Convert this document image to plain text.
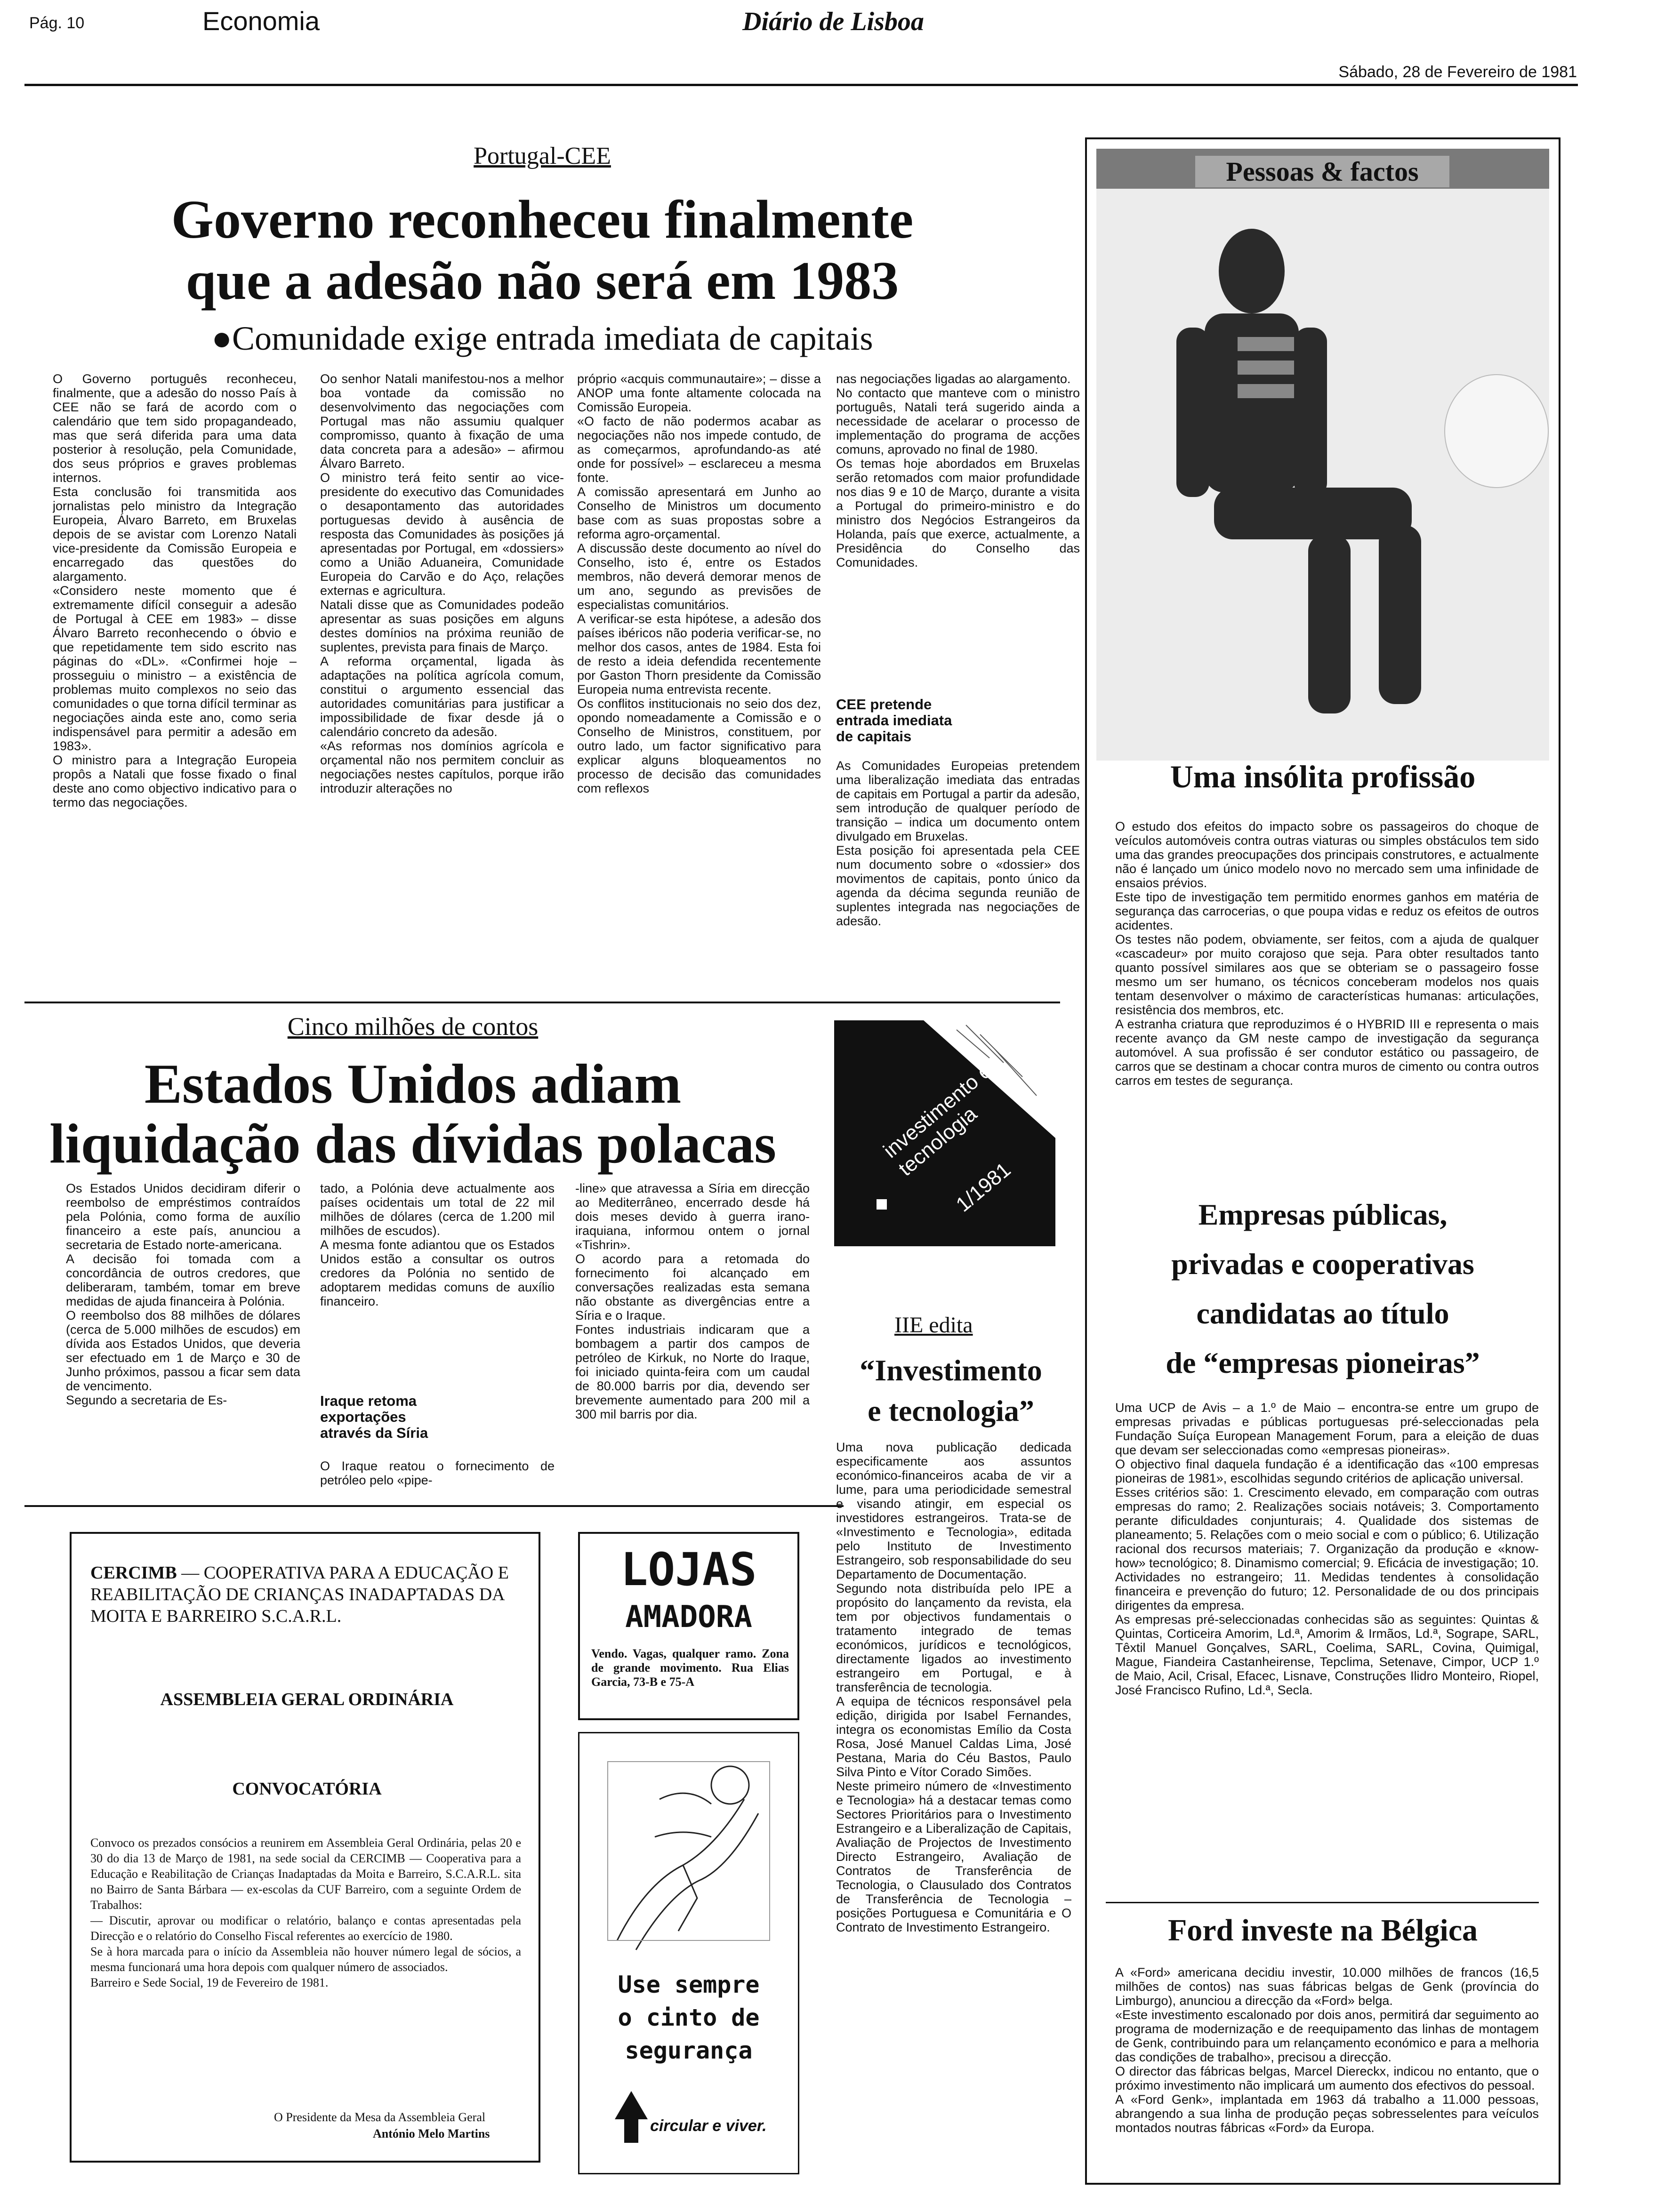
Pág. 10	Economia	Diário de Lisboa
Sábado, 28 de Fevereiro de 1981
Portugal-CEE
Governo reconheceu finalmente
que a adesão não será em 1983
●Comunidade exige entrada imediata de capitais
O Governo português reconheceu, finalmente, que a adesão do nosso País à CEE não se fará de acordo com o calendário que tem sido propagandeado, mas que será diferida para uma data posterior à resolução, pela Comunidade, dos seus próprios e graves problemas internos.
Esta conclusão foi transmitida aos jornalistas pelo ministro da Integração Europeia, Álvaro Barreto, em Bruxelas depois de se avistar com Lorenzo Natali vice-presidente da Comissão Europeia e encarregado das questões do alargamento.
«Considero neste momento que é extremamente difícil conseguir a adesão de Portugal à CEE em 1983» – disse Álvaro Barreto reconhecendo o óbvio e que repetidamente tem sido escrito nas páginas do «DL». «Confirmei hoje – prosseguiu o ministro – a existência de problemas muito complexos no seio das comunidades o que torna difícil terminar as negociações ainda este ano, como seria indispensável para permitir a adesão em 1983».
O ministro para a Integração Europeia propôs a Natali que fosse fixado o final deste ano como objectivo indicativo para o termo das negociações.
Oo senhor Natali manifestou-nos a melhor boa vontade da comissão no desenvolvimento das negociações com Portugal mas não assumiu qualquer compromisso, quanto à fixação de uma data concreta para a adesão» – afirmou Álvaro Barreto.
O ministro terá feito sentir ao vice-presidente do executivo das Comunidades o desapontamento das autoridades portuguesas devido à ausência de resposta das Comunidades às posições já apresentadas por Portugal, em «dossiers» como a União Aduaneira, Comunidade Europeia do Carvão e do Aço, relações externas e agricultura.
Natali disse que as Comunidades podeão apresentar as suas posições em alguns destes domínios na próxima reunião de suplentes, prevista para finais de Março.
A reforma orçamental, ligada às adaptações na política agrícola comum, constitui o argumento essencial das autoridades comunitárias para justificar a impossibilidade de fixar desde já o calendário concreto da adesão.
«As reformas nos domínios agrícola e orçamental não nos permitem concluir as negociações nestes capítulos, porque irão introduzir alterações no
próprio «acquis communautaire»; – disse a ANOP uma fonte altamente colocada na Comissão Europeia.
«O facto de não podermos acabar as negociações não nos impede contudo, de as começarmos, aprofundando-as até onde for possível» – esclareceu a mesma fonte.
A comissão apresentará em Junho ao Conselho de Ministros um documento base com as suas propostas sobre a reforma agro-orçamental.
A discussão deste documento ao nível do Conselho, isto é, entre os Estados membros, não deverá demorar menos de um ano, segundo as previsões de especialistas comunitários.
A verificar-se esta hipótese, a adesão dos países ibéricos não poderia verificar-se, no melhor dos casos, antes de 1984. Esta foi de resto a ideia defendida recentemente por Gaston Thorn presidente da Comissão Europeia numa entrevista recente.
Os conflitos institucionais no seio dos dez, opondo nomeadamente a Comissão e o Conselho de Ministros, constituem, por outro lado, um factor significativo para explicar alguns bloqueamentos no processo de decisão das comunidades com reflexos
nas negociações ligadas ao alargamento.
No contacto que manteve com o ministro português, Natali terá sugerido ainda a necessidade de acelarar o processo de implementação do programa de acções comuns, aprovado no final de 1980.
Os temas hoje abordados em Bruxelas serão retomados com maior profundidade nos dias 9 e 10 de Março, durante a visita a Portugal do primeiro-ministro e do ministro dos Negócios Estrangeiros da Holanda, país que exerce, actualmente, a Presidência do Conselho das Comunidades.
CEE pretende
entrada imediata
de capitais
As Comunidades Europeias pretendem uma liberalização imediata das entradas de capitais em Portugal a partir da adesão, sem introdução de qualquer período de transição – indica um documento ontem divulgado em Bruxelas.
Esta posição foi apresentada pela CEE num documento sobre o «dossier» dos movimentos de capitais, ponto único da agenda da décima segunda reunião de suplentes integrada nas negociações de adesão.
Cinco milhões de contos
Estados Unidos adiam
liquidação das dívidas polacas
Os Estados Unidos decidiram diferir o reembolso de empréstimos contraídos pela Polónia, como forma de auxílio financeiro a este país, anunciou a secretaria de Estado norte-americana.
A decisão foi tomada com a concordância de outros credores, que deliberaram, também, tomar em breve medidas de ajuda financeira à Polónia.
O reembolso dos 88 milhões de dólares (cerca de 5.000 milhões de escudos) em dívida aos Estados Unidos, que deveria ser efectuado em 1 de Março e 30 de Junho próximos, passou a ficar sem data de vencimento.
Segundo a secretaria de Es-
tado, a Polónia deve actualmente aos países ocidentais um total de 22 mil milhões de dólares (cerca de 1.200 mil milhões de escudos).
A mesma fonte adiantou que os Estados Unidos estão a consultar os outros credores da Polónia no sentido de adoptarem medidas comuns de auxílio financeiro.
Iraque retoma
exportações
através da Síria
O Iraque reatou o fornecimento de petróleo pelo «pipe-
-line» que atravessa a Síria em direcção ao Mediterrâneo, encerrado desde há dois meses devido à guerra irano-iraquiana, informou ontem o jornal «Tishrin».
O acordo para a retomada do fornecimento foi alcançado em conversações realizadas esta semana não obstante as divergências entre a Síria e o Iraque.
Fontes industriais indicaram que a bombagem a partir dos campos de petróleo de Kirkuk, no Norte do Iraque, foi iniciado quinta-feira com um caudal de 80.000 barris por dia, devendo ser brevemente aumentado para 200 mil a 300 mil barris por dia.
investimento e tecnologia
1/1981
IIE edita
“Investimento
e tecnologia”
Uma nova publicação dedicada especificamente aos assuntos económico-financeiros acaba de vir a lume, para uma periodicidade semestral e visando atingir, em especial os investidores estrangeiros. Trata-se de «Investimento e Tecnologia», editada pelo Instituto de Investimento Estrangeiro, sob responsabilidade do seu Departamento de Documentação.
Segundo nota distribuída pelo IPE a propósito do lançamento da revista, ela tem por objectivos fundamentais o tratamento integrado de temas económicos, jurídicos e tecnológicos, directamente ligados ao investimento estrangeiro em Portugal, e à transferência de tecnologia.
A equipa de técnicos responsável pela edição, dirigida por Isabel Fernandes, integra os economistas Emílio da Costa Rosa, José Manuel Caldas Lima, José Pestana, Maria do Céu Bastos, Paulo Silva Pinto e Vítor Corado Simões.
Neste primeiro número de «Investimento e Tecnologia» há a destacar temas como Sectores Prioritários para o Investimento Estrangeiro e a Liberalização de Capitais, Avaliação de Projectos de Investimento Directo Estrangeiro, Avaliação de Contratos de Transferência de Tecnologia, o Clausulado dos Contratos de Transferência de Tecnologia – posições Portuguesa e Comunitária e O Contrato de Investimento Estrangeiro.
CERCIMB — COOPERATIVA PARA A EDUCAÇÃO E REABILITAÇÃO DE CRIANÇAS INADAPTADAS DA MOITA E BARREIRO S.C.A.R.L.
ASSEMBLEIA GERAL ORDINÁRIA
CONVOCATÓRIA
Convoco os prezados consócios a reunirem em Assembleia Geral Ordinária, pelas 20 e 30 do dia 13 de Março de 1981, na sede social da CERCIMB — Cooperativa para a Educação e Reabilitação de Crianças Inadaptadas da Moita e Barreiro, S.C.A.R.L. sita no Bairro de Santa Bárbara — ex-escolas da CUF Barreiro, com a seguinte Ordem de Trabalhos:
— Discutir, aprovar ou modificar o relatório, balanço e contas apresentadas pela Direcção e o relatório do Conselho Fiscal referentes ao exercício de 1980.
Se à hora marcada para o início da Assembleia não houver número legal de sócios, a mesma funcionará uma hora depois com qualquer número de associados.
Barreiro e Sede Social, 19 de Fevereiro de 1981.
O Presidente da Mesa da Assembleia Geral
António Melo Martins
LOJAS
AMADORA
Vendo. Vagas, qualquer ramo. Zona de grande movimento. Rua Elias Garcia, 73-B e 75-A
Use sempre
o cinto de
segurança
circular e viver.
Pessoas & factos
Uma insólita profissão
O estudo dos efeitos do impacto sobre os passageiros do choque de veículos automóveis contra outras viaturas ou simples obstáculos tem sido uma das grandes preocupações dos principais construtores, e actualmente não é lançado um único modelo novo no mercado sem uma infinidade de ensaios prévios.
Este tipo de investigação tem permitido enormes ganhos em matéria de segurança das carrocerias, o que poupa vidas e reduz os efeitos de outros acidentes.
Os testes não podem, obviamente, ser feitos, com a ajuda de qualquer «cascadeur» por muito corajoso que seja. Para obter resultados tanto quanto possível similares aos que se obteriam se o passageiro fosse mesmo um ser humano, os técnicos conceberam modelos nos quais tentam desenvolver o máximo de características humanas: articulações, resistência dos membros, etc.
A estranha criatura que reproduzimos é o HYBRID III e representa o mais recente avanço da GM neste campo de investigação da segurança automóvel. A sua profissão é ser condutor estático ou passageiro, de carros que se destinam a chocar contra muros de cimento ou contra outros carros em testes de segurança.
Empresas públicas,
privadas e cooperativas
candidatas ao título
de “empresas pioneiras”
Uma UCP de Avis – a 1.º de Maio – encontra-se entre um grupo de empresas privadas e públicas portuguesas pré-seleccionadas pela Fundação Suíça European Management Forum, para a eleição de duas que devam ser seleccionadas como «empresas pioneiras».
O objectivo final daquela fundação é a identificação das «100 empresas pioneiras de 1981», escolhidas segundo critérios de aplicação universal.
Esses critérios são: 1. Crescimento elevado, em comparação com outras empresas do ramo; 2. Realizações sociais notáveis; 3. Comportamento perante dificuldades conjunturais; 4. Qualidade dos sistemas de planeamento; 5. Relações com o meio social e com o público; 6. Utilização racional dos recursos materiais; 7. Organização da produção e «know-how» tecnológico; 8. Dinamismo comercial; 9. Eficácia de investigação; 10. Actividades no estrangeiro; 11. Medidas tendentes à consolidação financeira e prevenção do futuro; 12. Personalidade de ou dos principais dirigentes da empresa.
As empresas pré-seleccionadas conhecidas são as seguintes: Quintas & Quintas, Corticeira Amorim, Ld.ª, Amorim & Irmãos, Ld.ª, Sogrape, SARL, Têxtil Manuel Gonçalves, SARL, Coelima, SARL, Covina, Quimigal, Mague, Fiandeira Castanheirense, Tepclima, Setenave, Cimpor, UCP 1.º de Maio, Acil, Crisal, Efacec, Lisnave, Construções Ilidro Monteiro, Riopel, José Francisco Rufino, Ld.ª, Secla.
Ford investe na Bélgica
A «Ford» americana decidiu investir, 10.000 milhões de francos (16,5 milhões de contos) nas suas fábricas belgas de Genk (província do Limburgo), anunciou a direcção da «Ford» belga.
«Este investimento escalonado por dois anos, permitirá dar seguimento ao programa de modernização e de reequipamento das linhas de montagem de Genk, contribuindo para um relançamento económico e para a melhoria das condições de trabalho», precisou a direcção.
O director das fábricas belgas, Marcel Diereckx, indicou no entanto, que o próximo investimento não implicará um aumento dos efectivos do pessoal.
A «Ford Genk», implantada em 1963 dá trabalho a 11.000 pessoas, abrangendo a sua linha de produção peças sobresselentes para veículos montados noutras fábricas «Ford» da Europa.
